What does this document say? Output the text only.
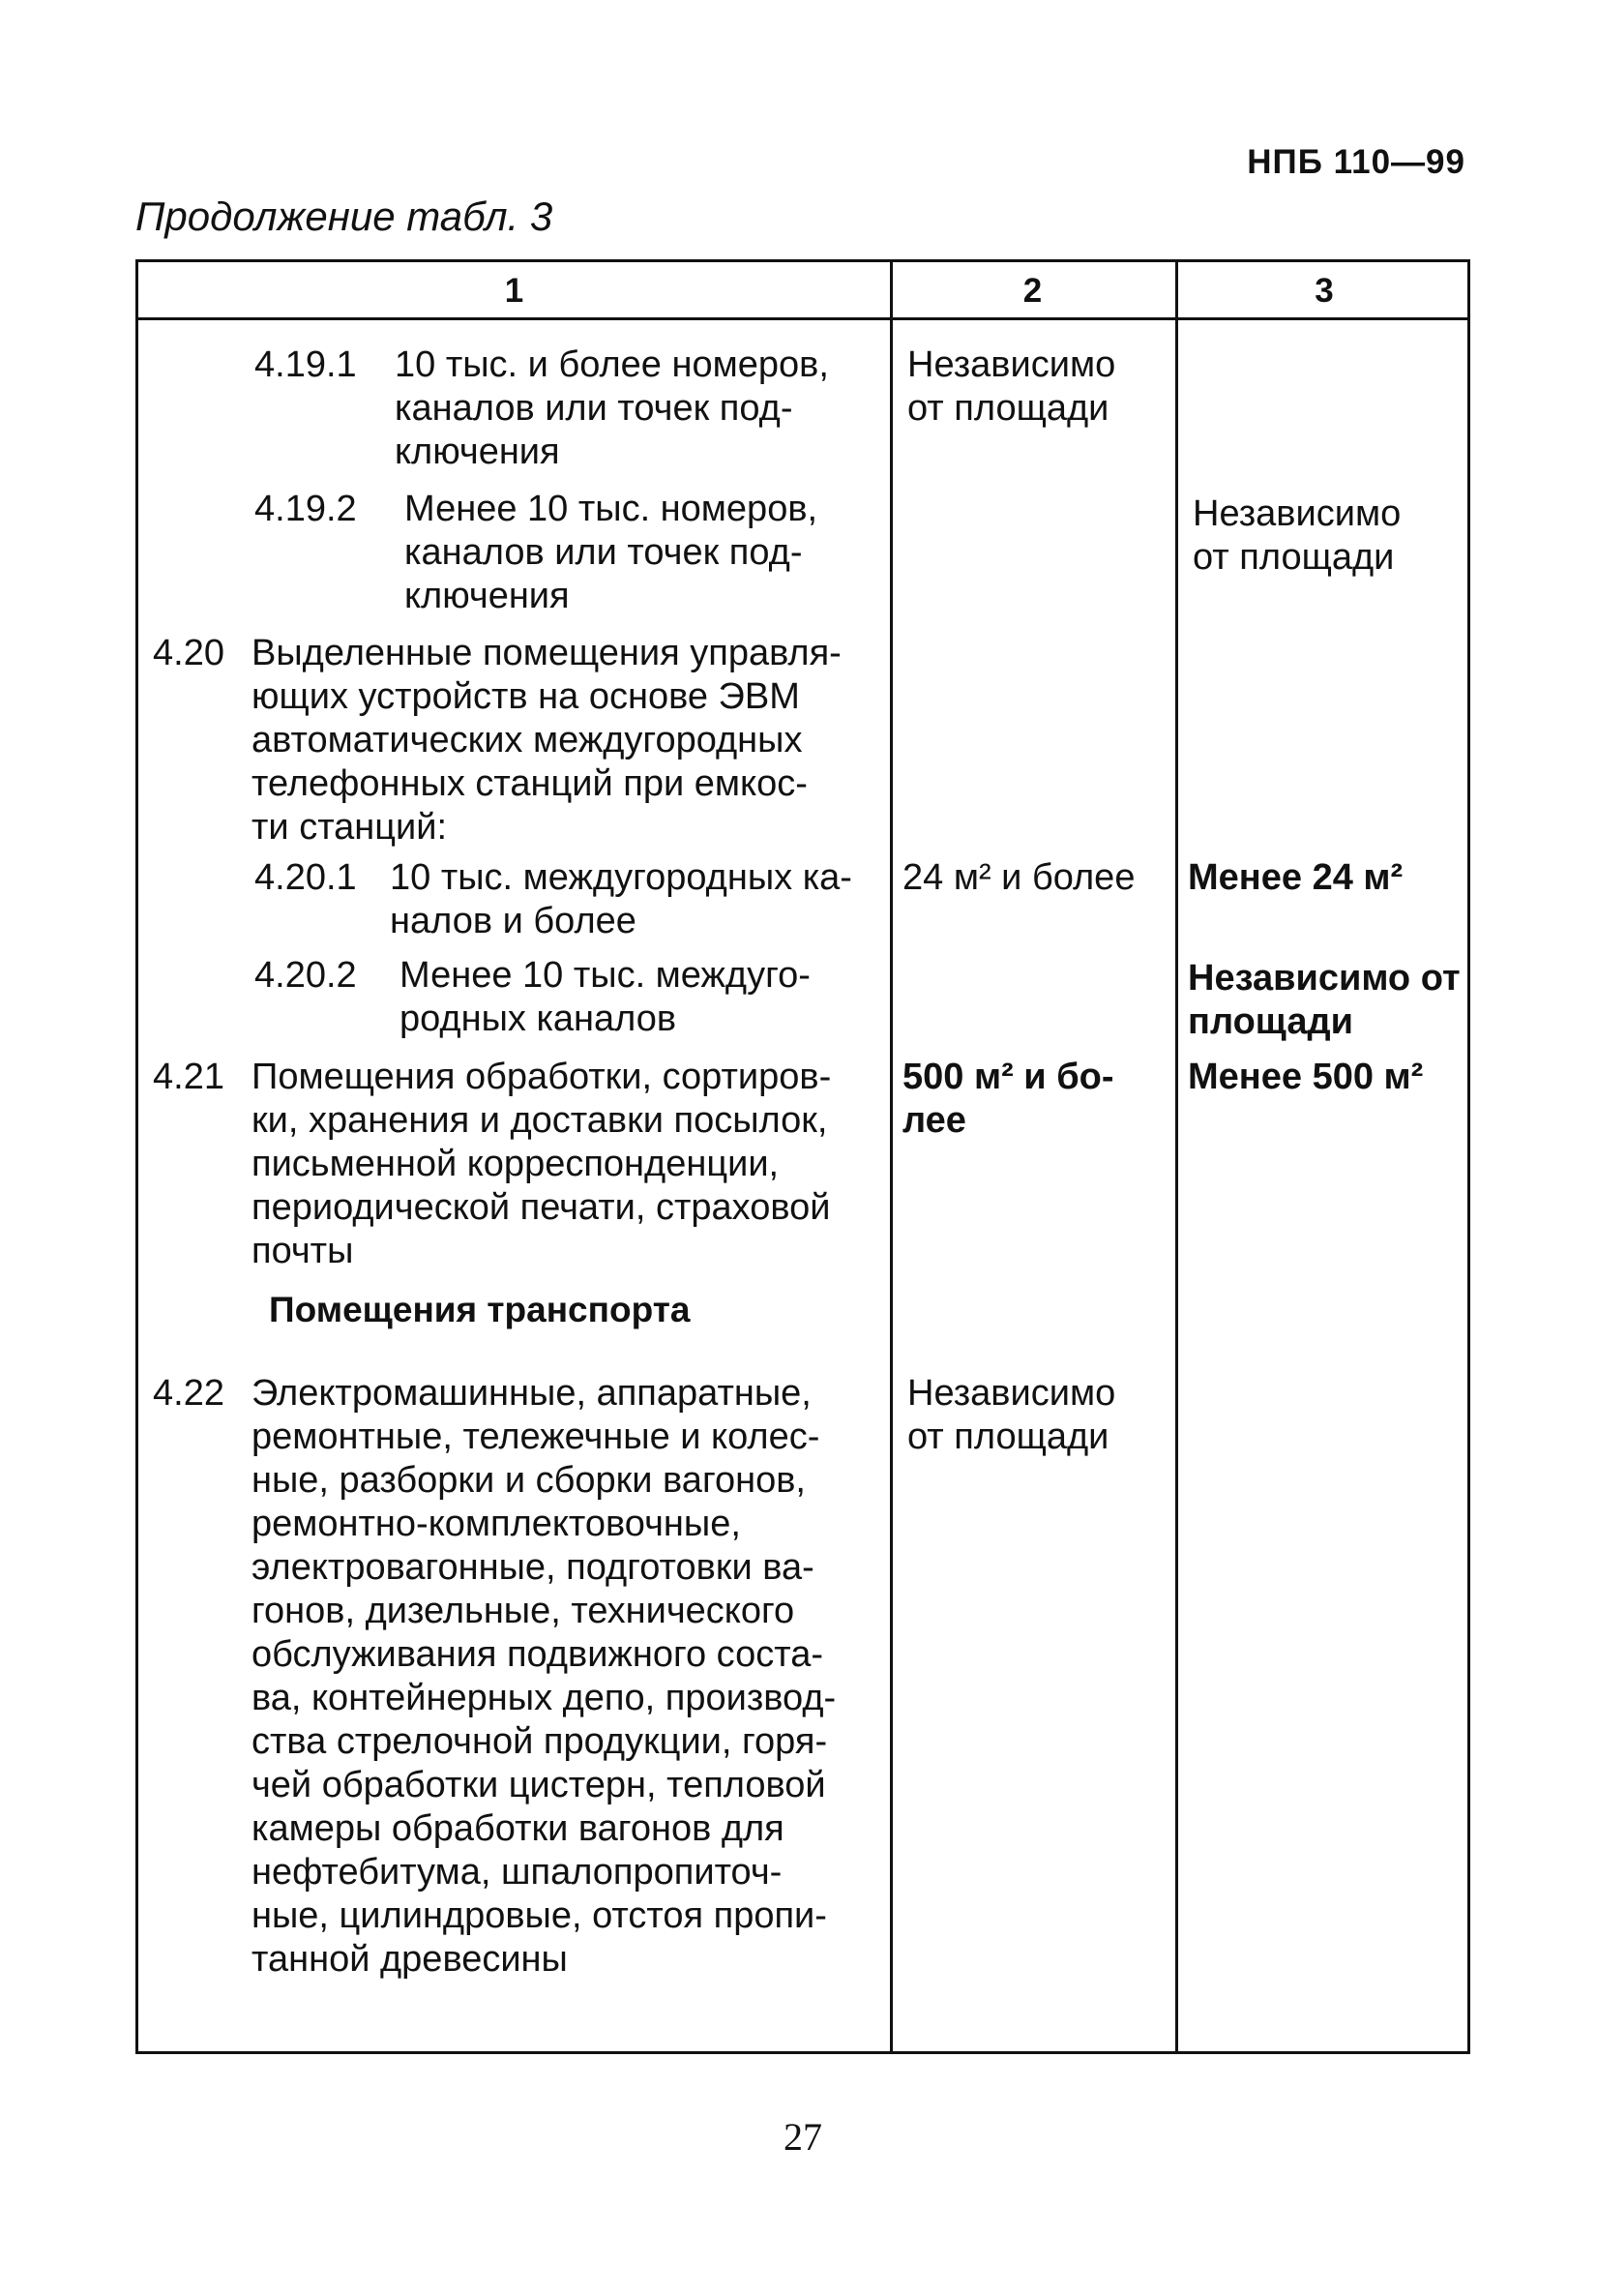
НПБ 110—99
Продолжение табл. 3
1	2	3
4.19.1 10 тыс. и более номеров,
каналов или точек под-
ключения
Независимо
от площади
4.19.2 Менее 10 тыс. номеров,
каналов или точек под-
ключения
Независимо
от площади
4.20 Выделенные помещения управля-
ющих устройств на основе ЭВМ
автоматических междугородных
телефонных станций при емкос-
ти станций:
4.20.1 10 тыс. междугородных ка-
налов и более
24 м² и более Менее 24 м²
4.20.2 Менее 10 тыс. междуго-
родных каналов
Независимо от
площади
4.21 Помещения обработки, сортиров-
ки, хранения и доставки посылок,
письменной корреспонденции,
периодической печати, страховой
почты
500 м² и бо-
лее
Менее 500 м²
Помещения транспорта
4.22 Электромашинные, аппаратные,
ремонтные, тележечные и колес-
ные, разборки и сборки вагонов,
ремонтно-комплектовочные,
электровагонные, подготовки ва-
гонов, дизельные, технического
обслуживания подвижного соста-
ва, контейнерных депо, производ-
ства стрелочной продукции, горя-
чей обработки цистерн, тепловой
камеры обработки вагонов для
нефтебитума, шпалопропиточ-
ные, цилиндровые, отстоя пропи-
танной древесины
Независимо
от площади
27
